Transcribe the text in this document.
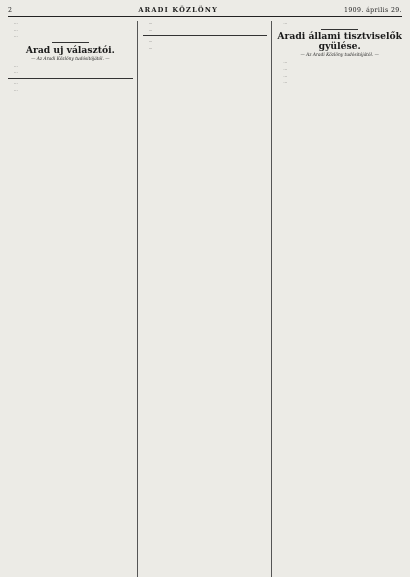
2	ARADI KÖZLÖNY	1909. április 29.

...

...

...

Arad uj választói.
— Az Aradi Közlöny tudósitójától. —

...

...

...

...

...

...

...

...

...

Aradi állami tisztviselők gyülése.
— Az Aradi Közlöny tudósitójától. —

...

...

...

...
